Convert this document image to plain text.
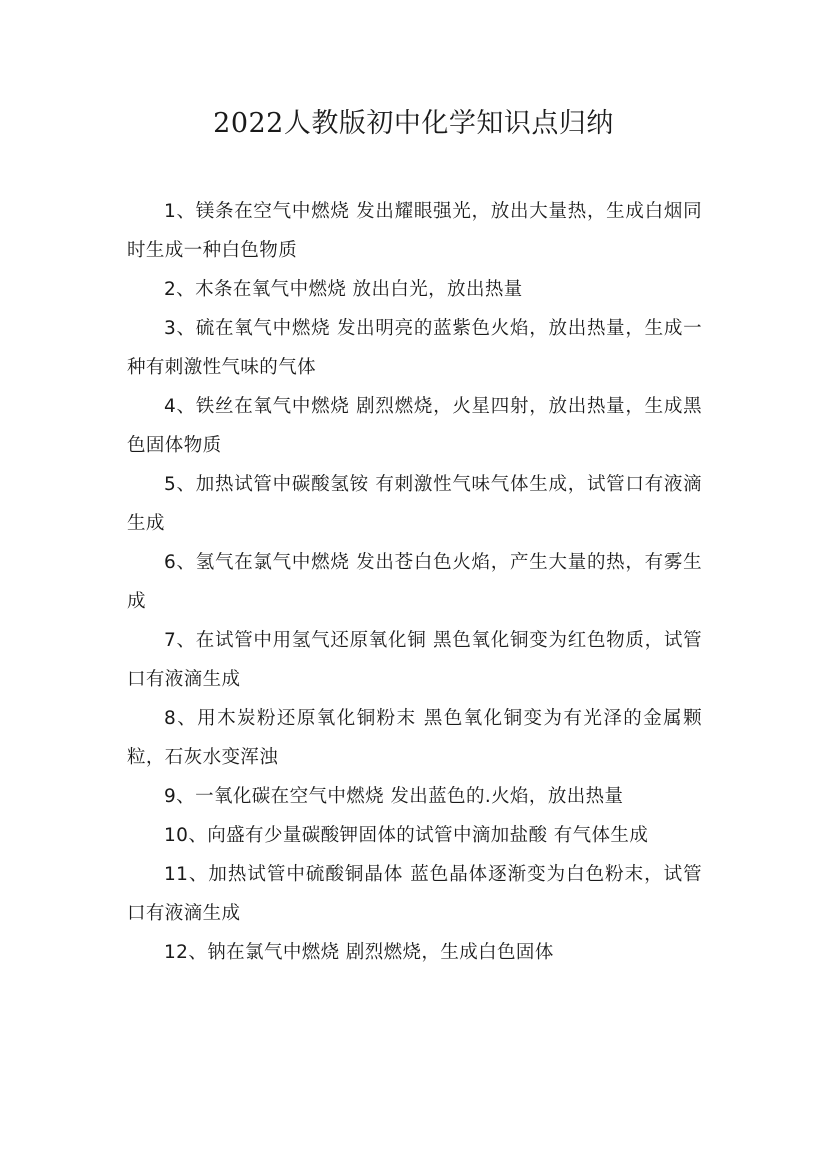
2022人教版初中化学知识点归纳

1、镁条在空气中燃烧 发出耀眼强光，放出大量热，生成白烟同时生成一种白色物质

2、木条在氧气中燃烧 放出白光，放出热量

3、硫在氧气中燃烧 发出明亮的蓝紫色火焰，放出热量，生成一种有刺激性气味的气体

4、铁丝在氧气中燃烧 剧烈燃烧，火星四射，放出热量，生成黑色固体物质

5、加热试管中碳酸氢铵 有刺激性气味气体生成，试管口有液滴生成

6、氢气在氯气中燃烧 发出苍白色火焰，产生大量的热，有雾生成

7、在试管中用氢气还原氧化铜 黑色氧化铜变为红色物质，试管口有液滴生成

8、用木炭粉还原氧化铜粉末 黑色氧化铜变为有光泽的金属颗粒，石灰水变浑浊

9、一氧化碳在空气中燃烧 发出蓝色的.火焰，放出热量

10、向盛有少量碳酸钾固体的试管中滴加盐酸 有气体生成

11、加热试管中硫酸铜晶体 蓝色晶体逐渐变为白色粉末，试管口有液滴生成

12、钠在氯气中燃烧 剧烈燃烧，生成白色固体
